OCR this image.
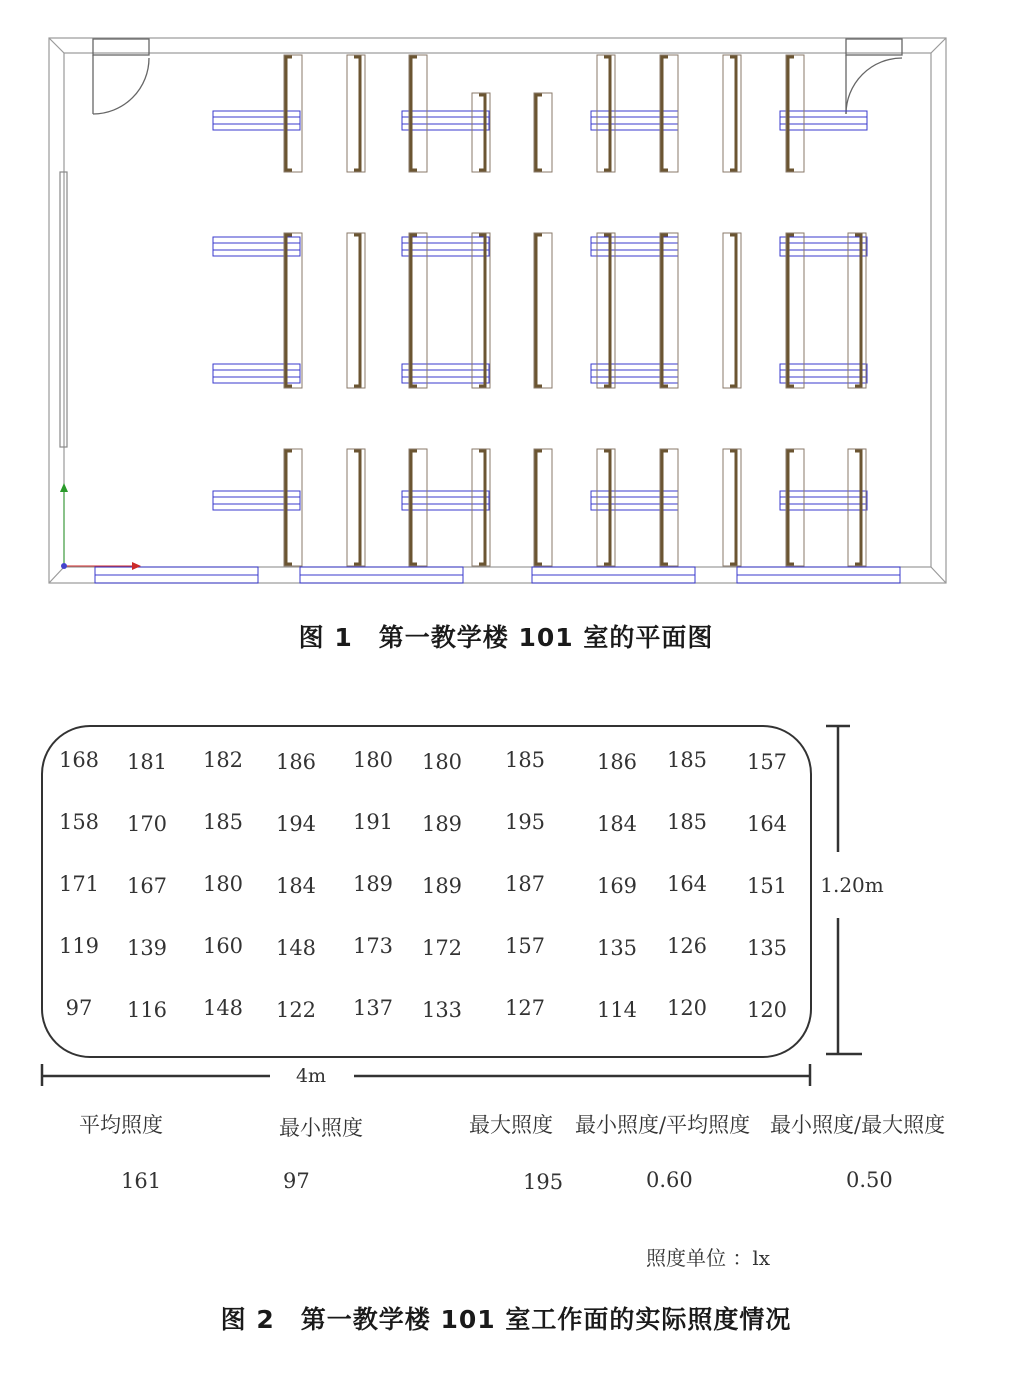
图 1　第一教学楼 101 室的平面图
168 181 182 186 180 180 185 186 185 157
158 170 185 194 191 189 195 184 185 164
171 167 180 184 189 189 187 169 164 151
119 139 160 148 173 172 157 135 126 135
97 116 148 122 137 133 127 114 120 120
4m
1.20m
平均照度	最小照度	最大照度 最小照度/平均照度 最小照度/最大照度
161	97	195	0.60	0.50
照度单位 ：lx
图 2　第一教学楼 101 室工作面的实际照度情况
